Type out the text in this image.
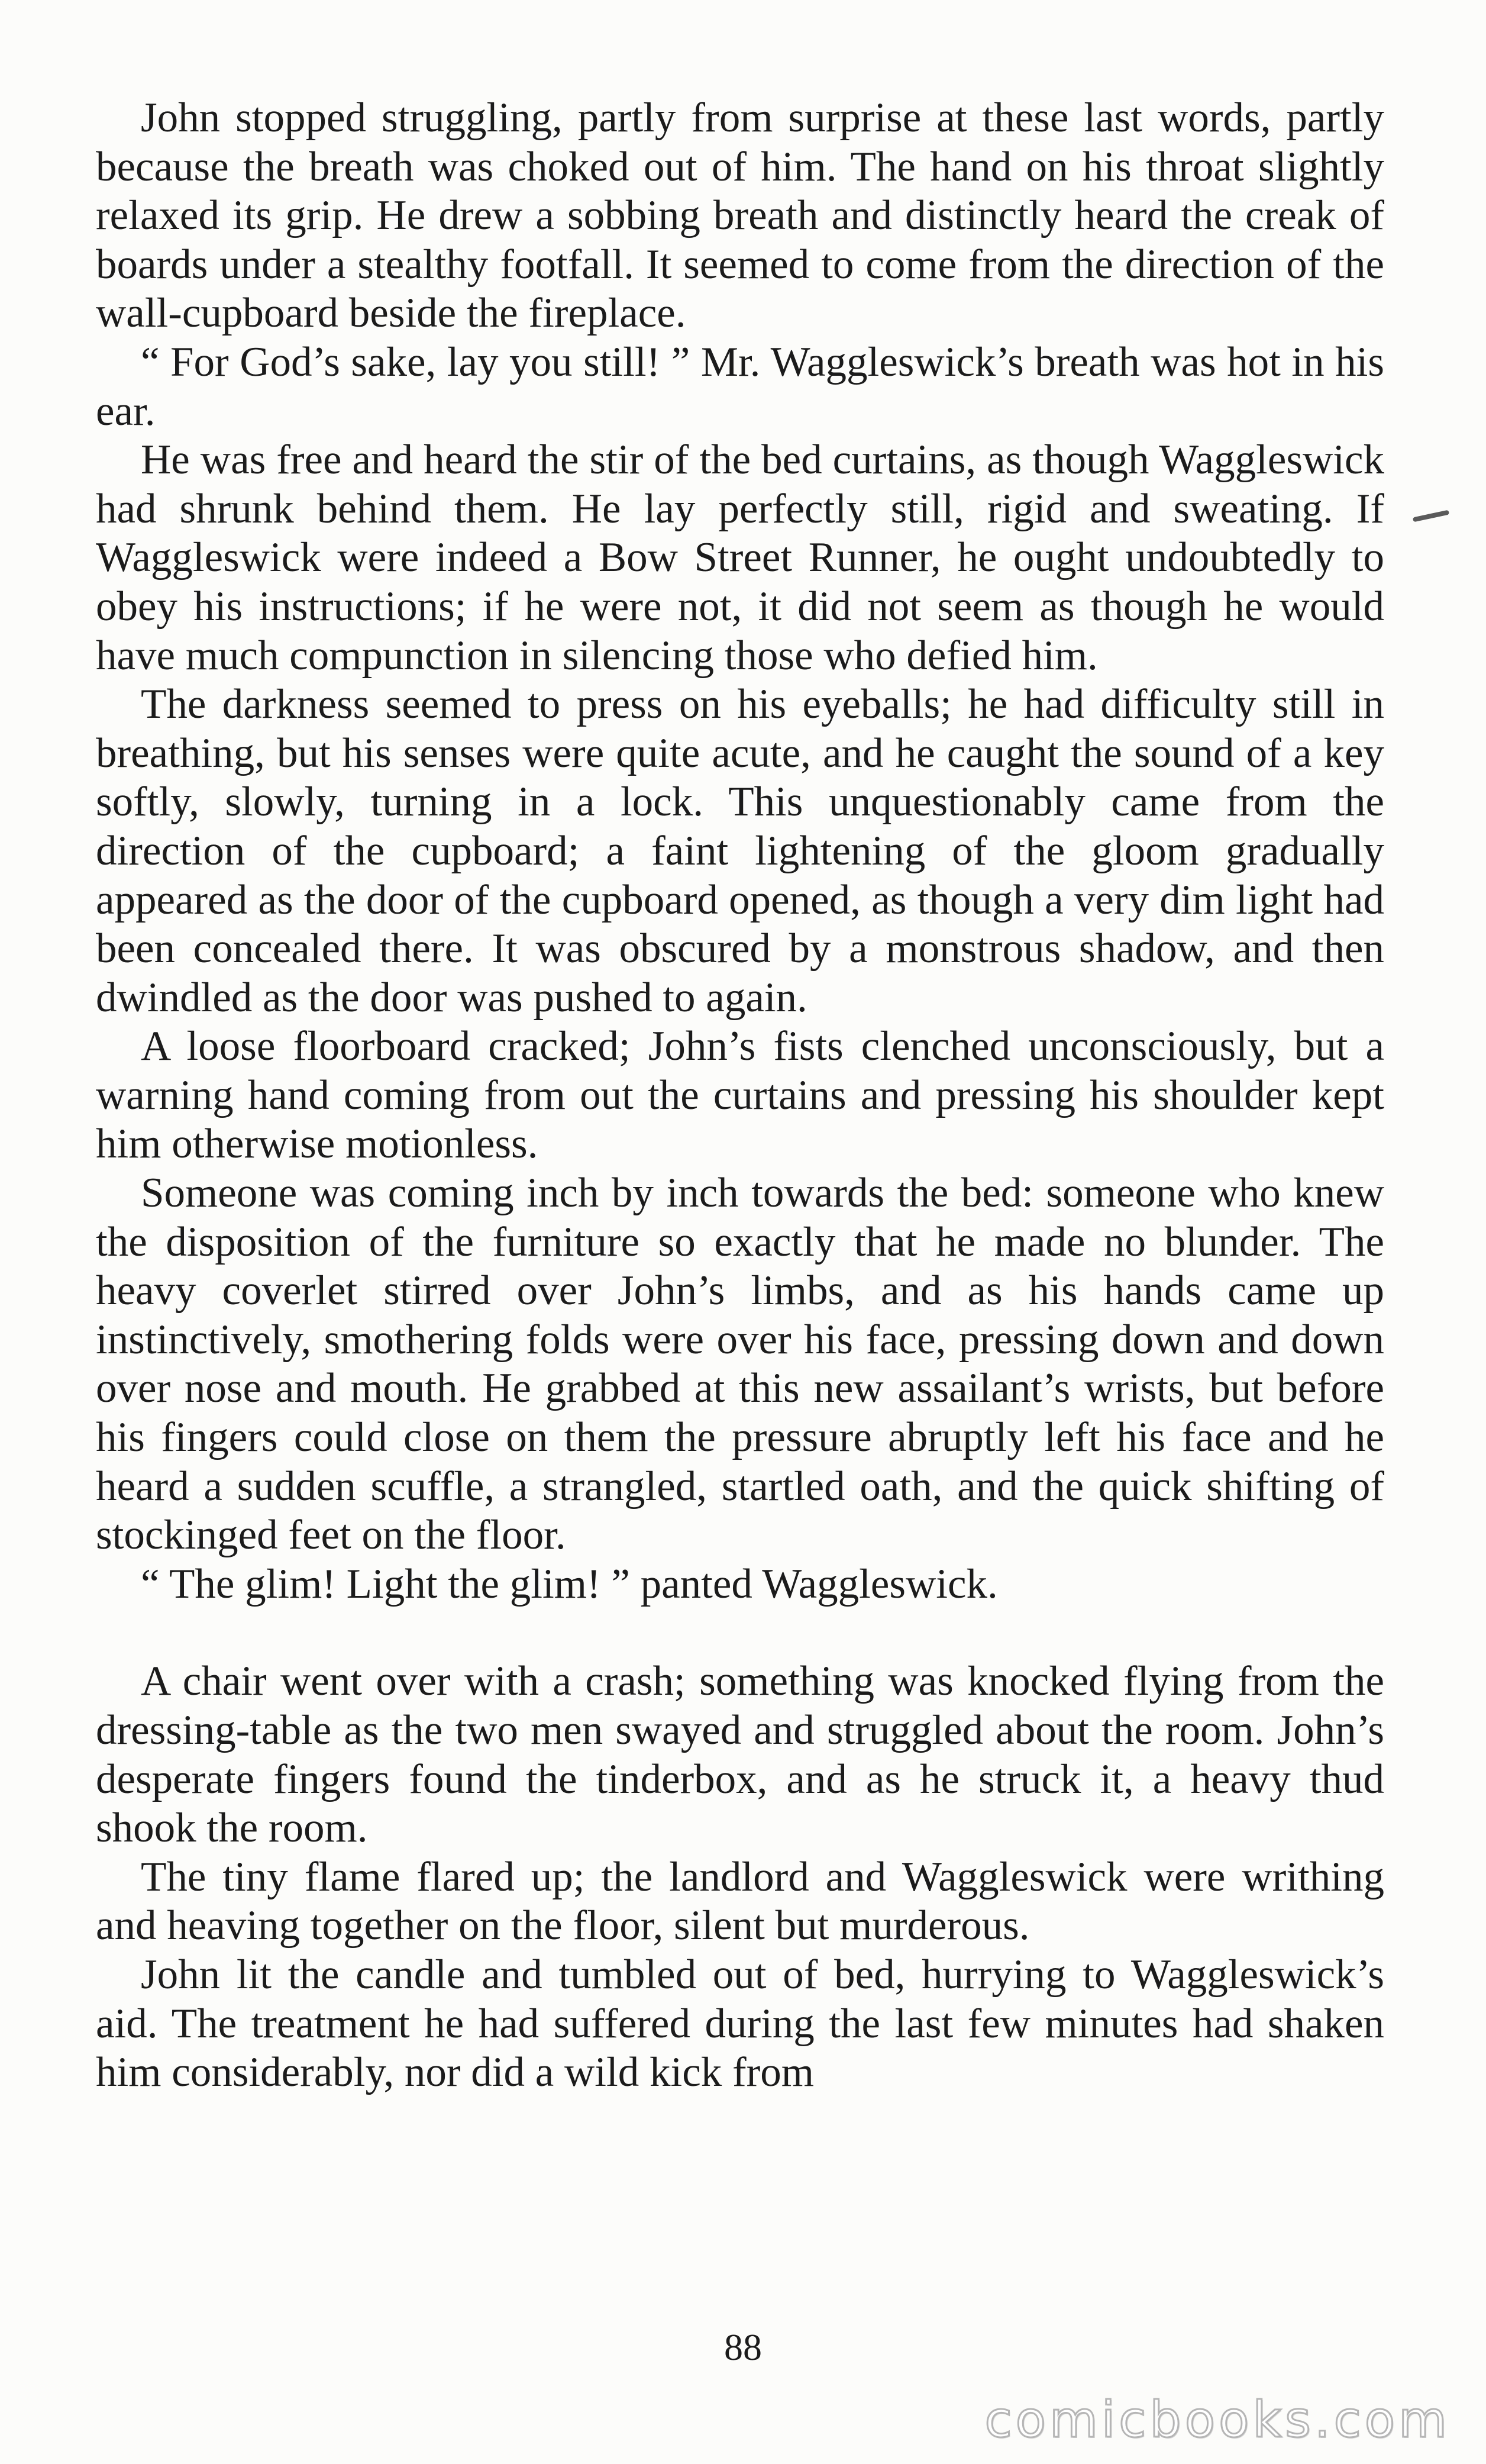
John stopped struggling, partly from surprise at these last words, partly because the breath was choked out of him. The hand on his throat slightly relaxed its grip. He drew a sobbing breath and distinctly heard the creak of boards under a stealthy footfall. It seemed to come from the direction of the wall-cupboard beside the fireplace.

“ For God’s sake, lay you still! ” Mr. Waggleswick’s breath was hot in his ear.

He was free and heard the stir of the bed curtains, as though Waggleswick had shrunk behind them. He lay perfectly still, rigid and sweating. If Waggleswick were indeed a Bow Street Runner, he ought undoubtedly to obey his instructions; if he were not, it did not seem as though he would have much compunction in silencing those who defied him.

The darkness seemed to press on his eyeballs; he had difficulty still in breathing, but his senses were quite acute, and he caught the sound of a key softly, slowly, turning in a lock. This unquestionably came from the direction of the cupboard; a faint lightening of the gloom gradually appeared as the door of the cupboard opened, as though a very dim light had been concealed there. It was obscured by a monstrous shadow, and then dwindled as the door was pushed to again.

A loose floorboard cracked; John’s fists clenched unconsciously, but a warning hand coming from out the curtains and pressing his shoulder kept him otherwise motionless.

Someone was coming inch by inch towards the bed: someone who knew the disposition of the furniture so exactly that he made no blunder. The heavy coverlet stirred over John’s limbs, and as his hands came up instinctively, smothering folds were over his face, pressing down and down over nose and mouth. He grabbed at this new assailant’s wrists, but before his fingers could close on them the pressure abruptly left his face and he heard a sudden scuffle, a strangled, startled oath, and the quick shifting of stockinged feet on the floor.

“ The glim! Light the glim! ” panted Waggleswick.

A chair went over with a crash; something was knocked flying from the dressing-table as the two men swayed and struggled about the room. John’s desperate fingers found the tinderbox, and as he struck it, a heavy thud shook the room.

The tiny flame flared up; the landlord and Waggleswick were writhing and heaving together on the floor, silent but murderous.

John lit the candle and tumbled out of bed, hurrying to Waggleswick’s aid. The treatment he had suffered during the last few minutes had shaken him considerably, nor did a wild kick from

88
comicbooks.com
